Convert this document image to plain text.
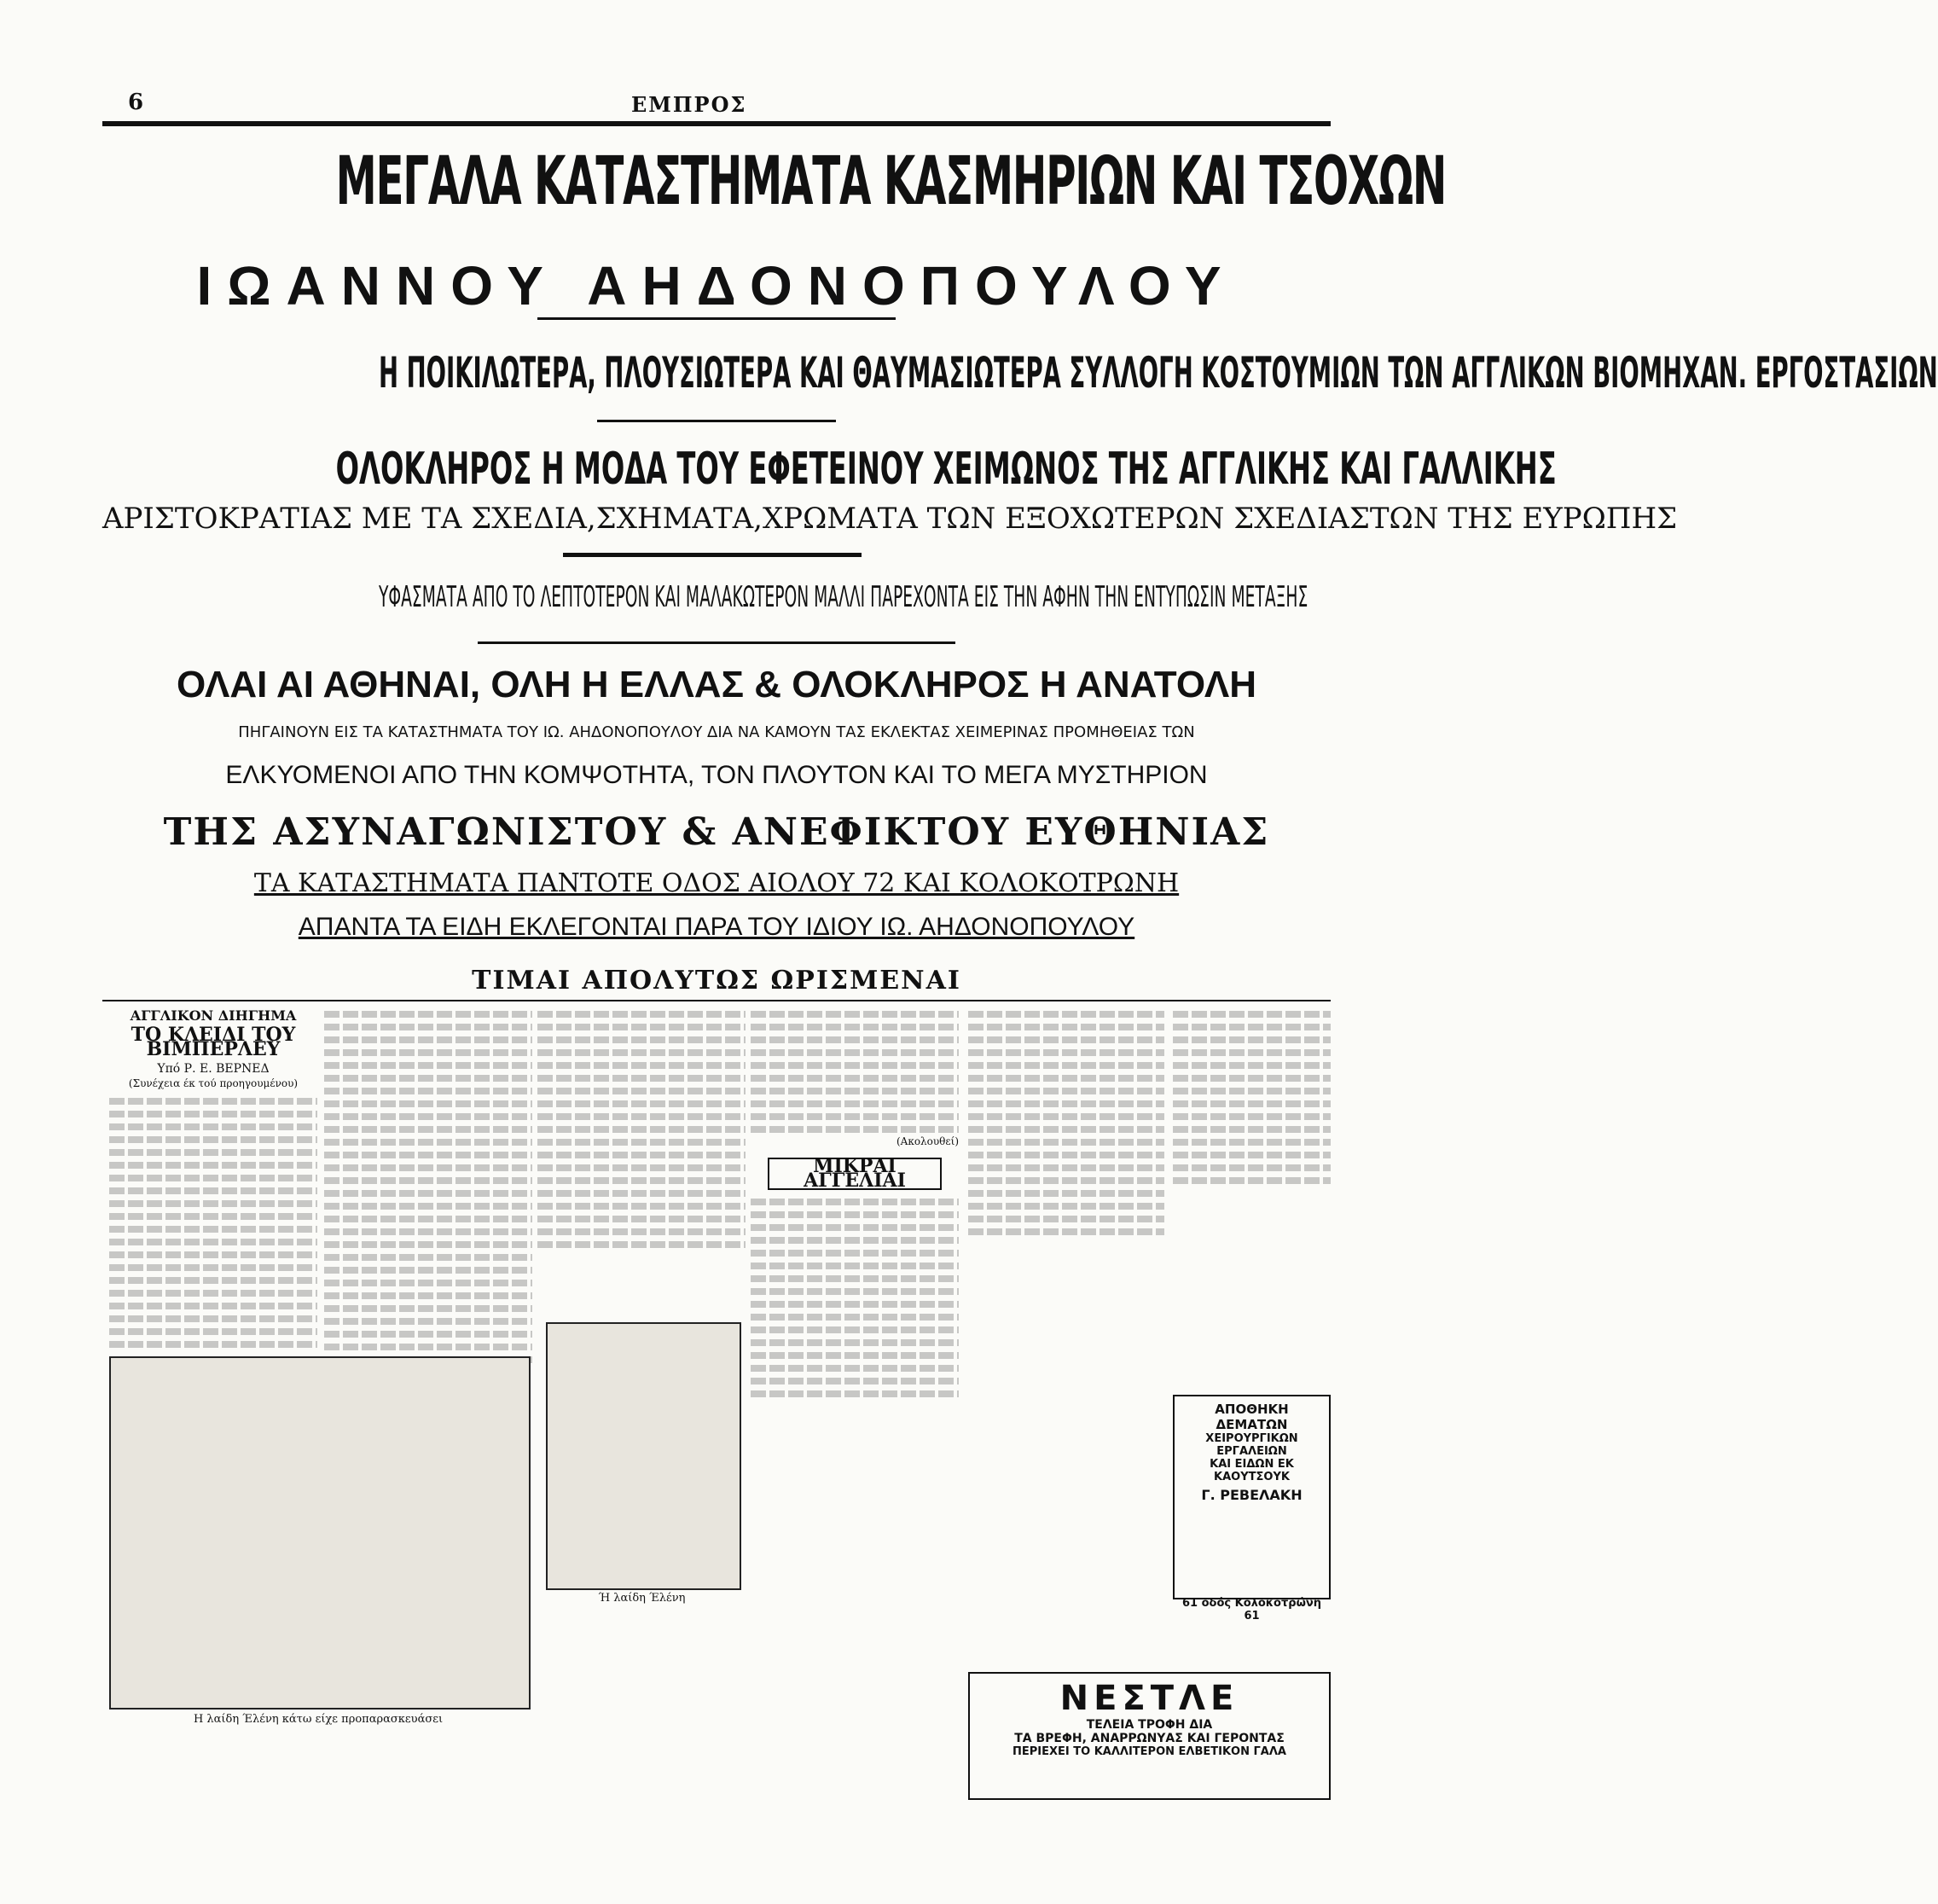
6	ΕΜΠΡΟΣ
ΜΕΓΑΛΑ ΚΑΤΑΣΤΗΜΑΤΑ ΚΑΣΜΗΡΙΩΝ ΚΑΙ ΤΣΟΧΩΝ
ΙΩΑΝΝΟΥ ΑΗΔΟΝΟΠΟΥΛΟΥ
Η ΠΟΙΚΙΛΩΤΕΡΑ, ΠΛΟΥΣΙΩΤΕΡΑ ΚΑΙ ΘΑΥΜΑΣΙΩΤΕΡΑ ΣΥΛΛΟΓΗ ΚΟΣΤΟΥΜΙΩΝ ΤΩΝ ΑΓΓΛΙΚΩΝ ΒΙΟΜΗΧΑΝ. ΕΡΓΟΣΤΑΣΙΩΝ
ΟΛΟΚΛΗΡΟΣ Η ΜΟΔΑ ΤΟΥ ΕΦΕΤΕΙΝΟΥ ΧΕΙΜΩΝΟΣ ΤΗΣ ΑΓΓΛΙΚΗΣ ΚΑΙ ΓΑΛΛΙΚΗΣ
ΑΡΙΣΤΟΚΡΑΤΙΑΣ ΜΕ ΤΑ ΣΧΕΔΙΑ,ΣΧΗΜΑΤΑ,ΧΡΩΜΑΤΑ ΤΩΝ ΕΞΟΧΩΤΕΡΩΝ ΣΧΕΔΙΑΣΤΩΝ ΤΗΣ ΕΥΡΩΠΗΣ
ΥΦΑΣΜΑΤΑ ΑΠΟ ΤΟ ΛΕΠΤΟΤΕΡΟΝ ΚΑΙ ΜΑΛΑΚΩΤΕΡΟΝ ΜΑΛΛΙ ΠΑΡΕΧΟΝΤΑ ΕΙΣ ΤΗΝ ΑΦΗΝ ΤΗΝ ΕΝΤΥΠΩΣΙΝ ΜΕΤΑΞΗΣ
ΟΛΑΙ ΑΙ ΑΘΗΝΑΙ, ΟΛΗ Η ΕΛΛΑΣ & ΟΛΟΚΛΗΡΟΣ Η ΑΝΑΤΟΛΗ
ΠΗΓΑΙΝΟΥΝ ΕΙΣ ΤΑ ΚΑΤΑΣΤΗΜΑΤΑ ΤΟΥ ΙΩ. ΑΗΔΟΝΟΠΟΥΛΟΥ ΔΙΑ ΝΑ ΚΑΜΟΥΝ ΤΑΣ ΕΚΛΕΚΤΑΣ ΧΕΙΜΕΡΙΝΑΣ ΠΡΟΜΗΘΕΙΑΣ ΤΩΝ
ΕΛΚΥΟΜΕΝΟΙ ΑΠΟ ΤΗΝ ΚΟΜΨΟΤΗΤΑ, ΤΟΝ ΠΛΟΥΤΟΝ ΚΑΙ ΤΟ ΜΕΓΑ ΜΥΣΤΗΡΙΟΝ
ΤΗΣ ΑΣΥΝΑΓΩΝΙΣΤΟΥ & ΑΝΕΦΙΚΤΟΥ ΕΥΘΗΝΙΑΣ
ΤΑ ΚΑΤΑΣΤΗΜΑΤΑ ΠΑΝΤΟΤΕ ΟΔΟΣ ΑΙΟΛΟΥ 72 ΚΑΙ ΚΟΛΟΚΟΤΡΩΝΗ
ΑΠΑΝΤΑ ΤΑ ΕΙΔΗ ΕΚΛΕΓΟΝΤΑΙ ΠΑΡΑ ΤΟΥ ΙΔΙΟΥ ΙΩ. ΑΗΔΟΝΟΠΟΥΛΟΥ
ΤΙΜΑΙ ΑΠΟΛΥΤΩΣ ΩΡΙΣΜΕΝΑΙ
ΑΓΓΛΙΚΟΝ ΔΙΗΓΗΜΑ
ΤΟ ΚΛΕΙΔΙ ΤΟΥ ΒΙΜΠΕΡΛΕΥ
Υπό Ρ. Ε. ΒΕΡΝΕΔ
(Συνέχεια έκ τού προηγουμένου)
Η λαίδη Έλένη κάτω είχε προπαρασκευάσει
Ή λαίδη Έλένη
(Ακολουθεί)
ΜΙΚΡΑΙ ΑΓΓΕΛΙΑΙ
ΑΠΟΘΗΚΗ ΔΕΜΑΤΩΝ
ΧΕΙΡΟΥΡΓΙΚΩΝ ΕΡΓΑΛΕΙΩΝ
ΚΑΙ ΕΙΔΩΝ ΕΚ ΚΑΟΥΤΣΟΥΚ
Γ. ΡΕΒΕΛΑΚΗ
61 οδός Κολοκοτρώνη 61
ΝΕΣΤΛΕ
ΤΕΛΕΙΑ ΤΡΟΦΗ ΔΙΑ
ΤΑ ΒΡΕΦΗ, ΑΝΑΡΡΩΝΥΑΣ ΚΑΙ ΓΕΡΟΝΤΑΣ
ΠΕΡΙΕΧΕΙ ΤΟ ΚΑΛΛΙΤΕΡΟΝ ΕΛΒΕΤΙΚΟΝ ΓΑΛΑ
